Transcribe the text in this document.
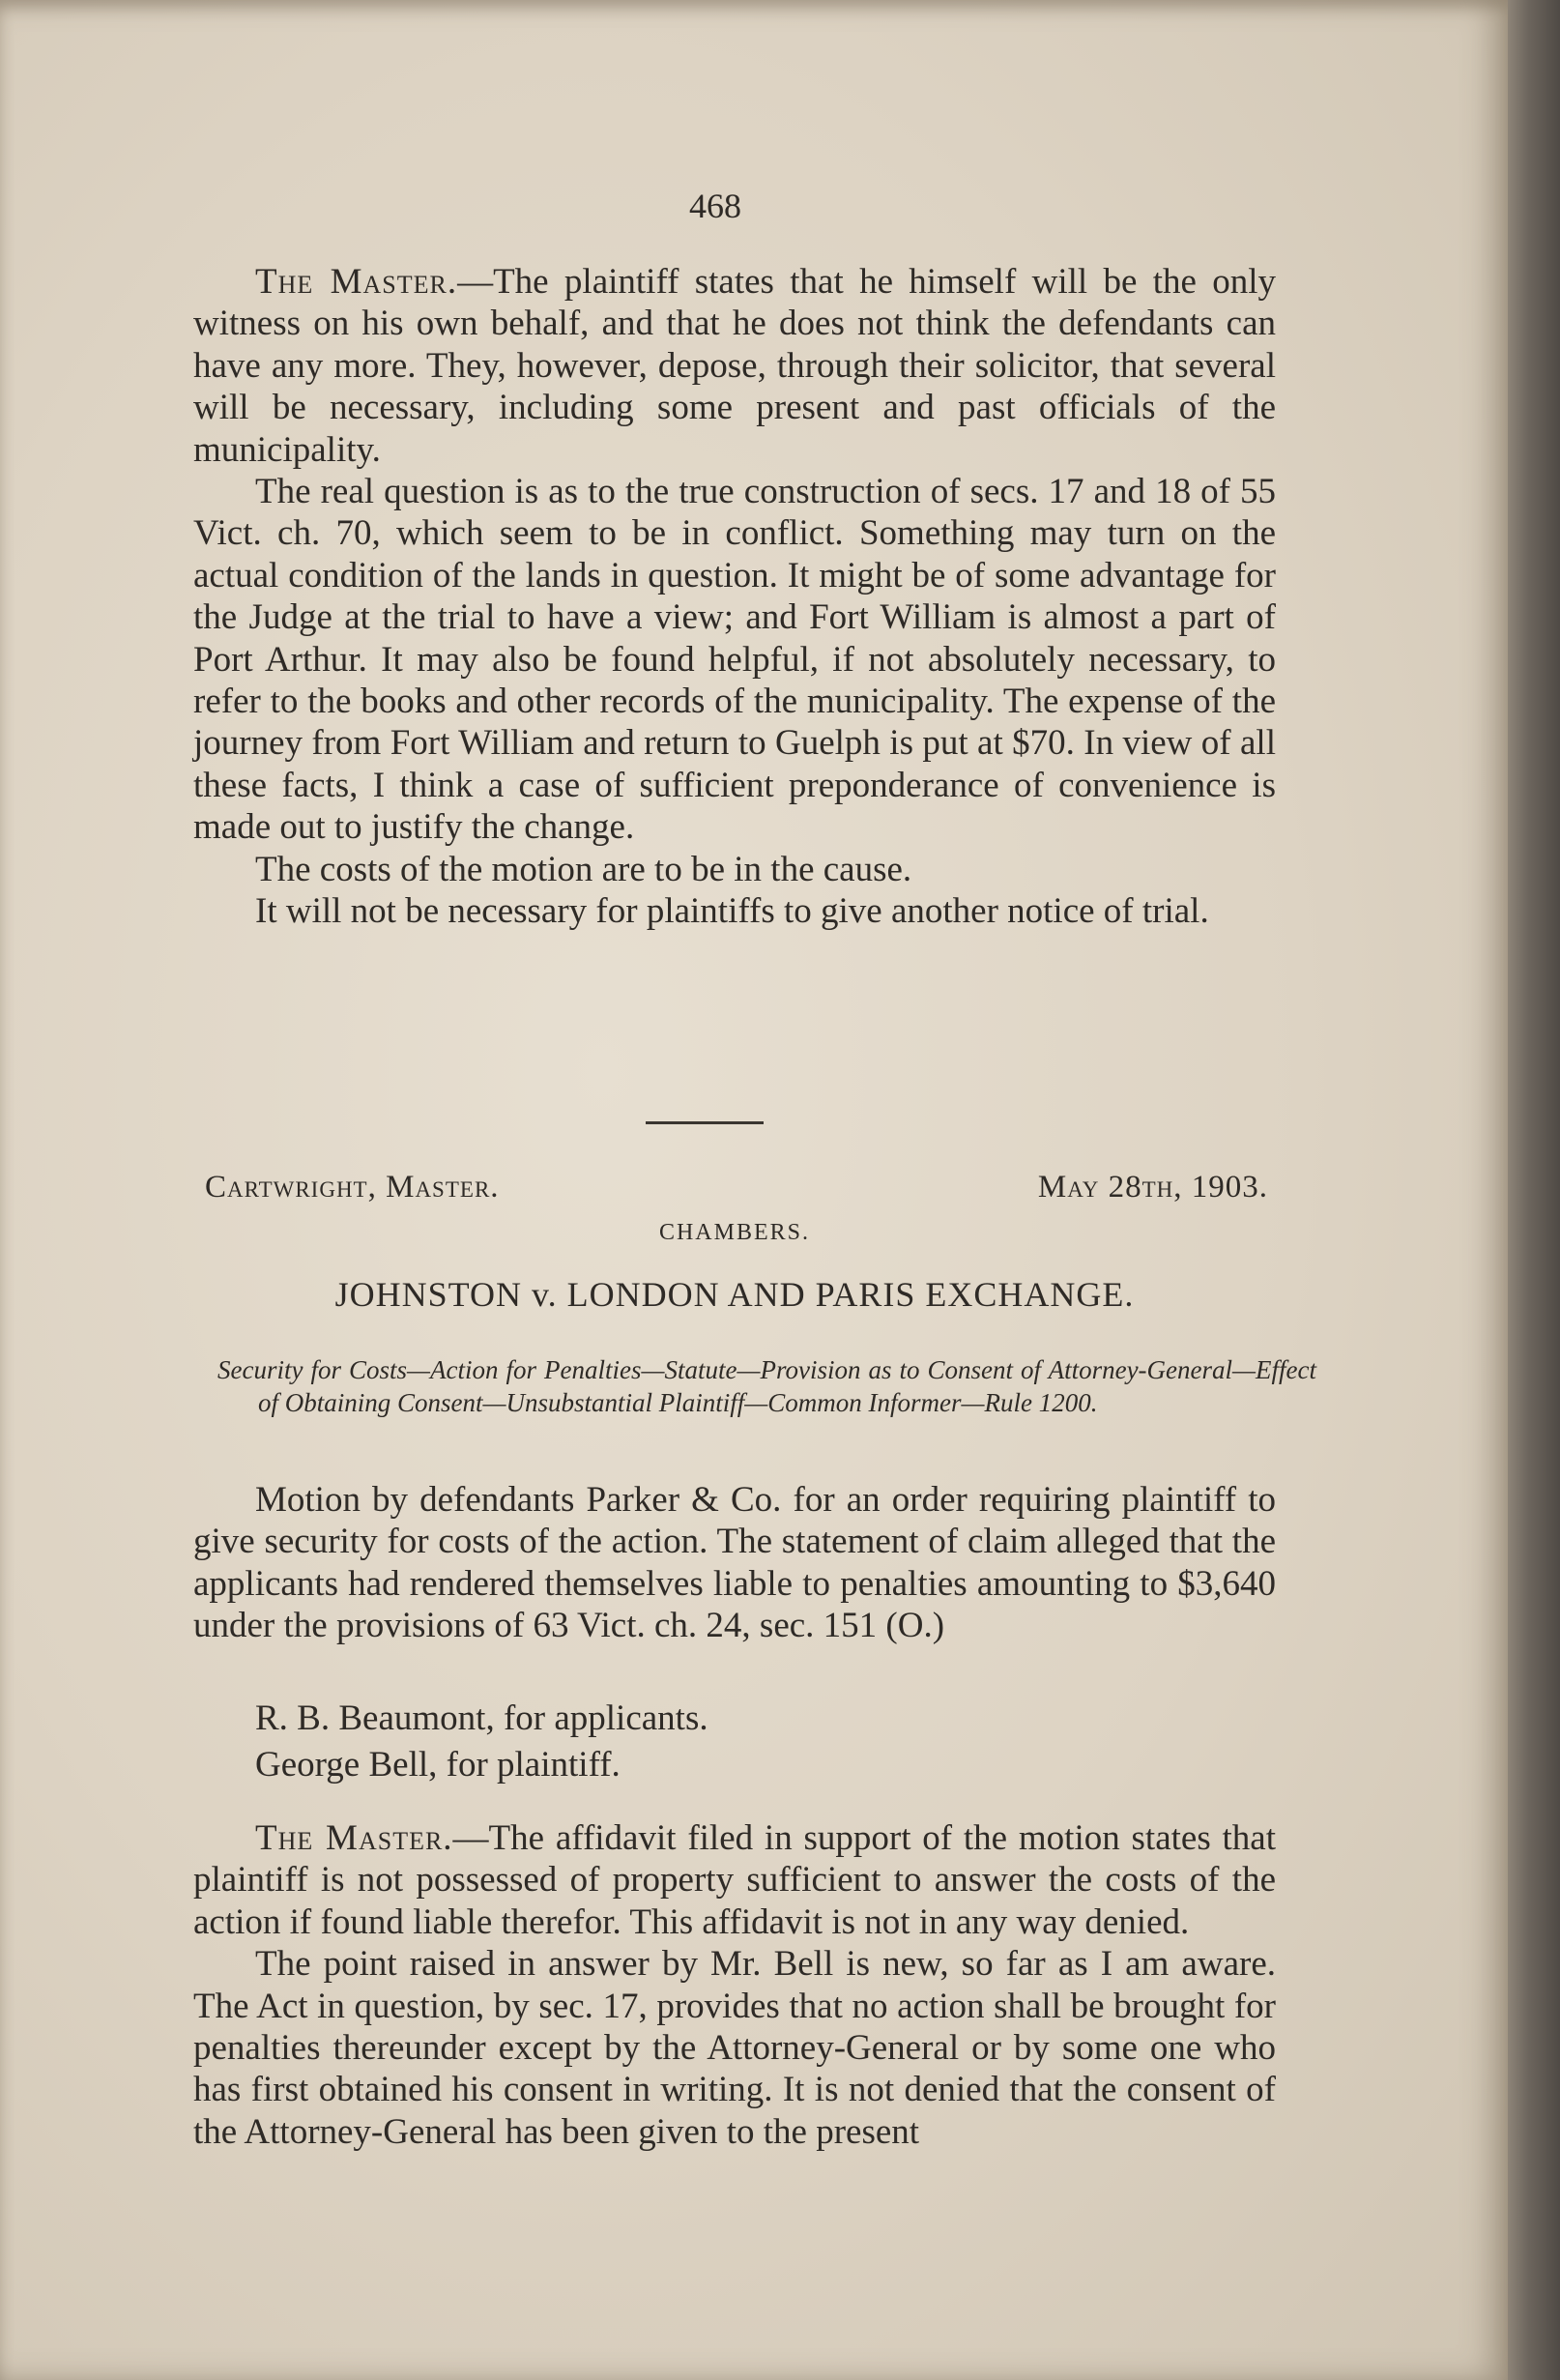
468

The Master.—The plaintiff states that he himself will be the only witness on his own behalf, and that he does not think the defendants can have any more. They, however, depose, through their solicitor, that several will be necessary, including some present and past officials of the municipality.

The real question is as to the true construction of secs. 17 and 18 of 55 Vict. ch. 70, which seem to be in conflict. Something may turn on the actual condition of the lands in question. It might be of some advantage for the Judge at the trial to have a view; and Fort William is almost a part of Port Arthur. It may also be found helpful, if not absolutely necessary, to refer to the books and other records of the municipality. The expense of the journey from Fort William and return to Guelph is put at $70. In view of all these facts, I think a case of sufficient preponderance of convenience is made out to justify the change.

The costs of the motion are to be in the cause.

It will not be necessary for plaintiffs to give another notice of trial.

Cartwright, Master.	May 28th, 1903.
CHAMBERS.
JOHNSTON v. LONDON AND PARIS EXCHANGE.
Security for Costs—Action for Penalties—Statute—Provision as to Consent of Attorney-General—Effect of Obtaining Consent—Unsubstantial Plaintiff—Common Informer—Rule 1200.

Motion by defendants Parker & Co. for an order requiring plaintiff to give security for costs of the action. The statement of claim alleged that the applicants had rendered themselves liable to penalties amounting to $3,640 under the provisions of 63 Vict. ch. 24, sec. 151 (O.)

R. B. Beaumont, for applicants.

George Bell, for plaintiff.

The Master.—The affidavit filed in support of the motion states that plaintiff is not possessed of property sufficient to answer the costs of the action if found liable therefor. This affidavit is not in any way denied.

The point raised in answer by Mr. Bell is new, so far as I am aware. The Act in question, by sec. 17, provides that no action shall be brought for penalties thereunder except by the Attorney-General or by some one who has first obtained his consent in writing. It is not denied that the consent of the Attorney-General has been given to the present
